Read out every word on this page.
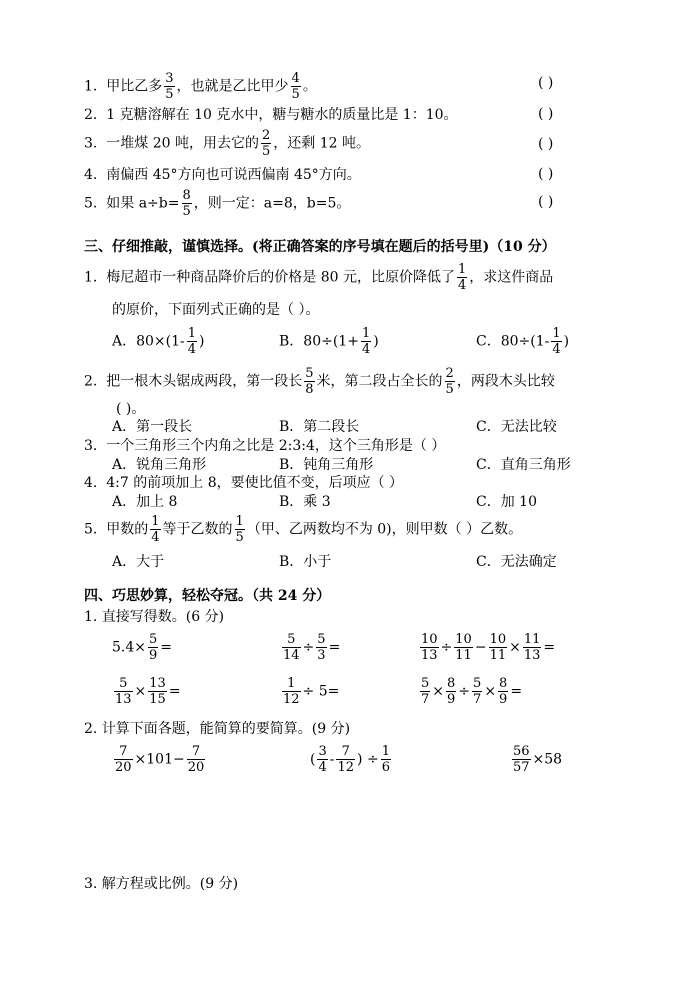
1. 甲比乙多 $\frac{3}{5}$ ，也就是乙比甲少 $\frac{4}{5}$ 。	( )
2. 1 克糖溶解在 10 克水中，糖与糖水的质量比是 1：10。	( )
3. 一堆煤 20 吨，用去它的 $\frac{2}{5}$ ，还剩 12 吨。	( )
4. 南偏西 45°方向也可说西偏南 45°方向。	( )
5. 如果 $a\div b= \frac{8}{5}$ ，则一定：a=8，b=5。	( )
三、仔细推敲，谨慎选择。(将正确答案的序号填在题后的括号里)（10 分）
1. 梅尼超市一种商品降价后的价格是 80 元，比原价降低了 $\frac{1}{4}$ ，求这件商品
的原价，下面列式正确的是（ ）。
A．$80\times(1- \frac{1}{4}$ )	B．$80\div(1+ \frac{1}{4}$ )	C．$80\div(1- \frac{1}{4}$ )
2. 把一根木头锯成两段，第一段长 $\frac{5}{8}$ 米，第二段占全长的 $\frac{2}{5}$ ，两段木头比较
( )。
A．第一段长	B．第二段长	C．无法比较
3. 一个三角形三个内角之比是 2:3:4，这个三角形是（ ）
A．锐角三角形	B．钝角三角形	C．直角三角形
4. 4:7 的前项加上 8，要使比值不变，后项应（ ）
A．加上 8	B．乘 3	C．加 10
5. 甲数的 $\frac{1}{4}$ 等于乙数的 $\frac{1}{5}$ （甲、乙两数均不为 0)，则甲数（ ）乙数。
A．大于	B．小于	C．无法确定
四、巧思妙算，轻松夺冠。（共 24 分）
1. 直接写得数。(6 分)
$5.4\times \frac{5}{9}$ =	$\frac{5}{14} \div \frac{5}{3}$ =	$\frac{10}{13} \div \frac{10}{11} - \frac{10}{11} \times \frac{11}{13}$ =
$\frac{5}{13} \times \frac{13}{15}$ =	$\frac{1}{12} \div 5=$	$\frac{5}{7} \times \frac{8}{9} \div \frac{5}{7} \times \frac{8}{9}$ =
2. 计算下面各题，能简算的要简算。(9 分)
$\frac{7}{20} \times 101- \frac{7}{20}$	( $\frac{3}{4} - \frac{7}{12}$ ) ÷ $\frac{1}{6}$	$\frac{56}{57} \times 58$
3. 解方程或比例。(9 分)
